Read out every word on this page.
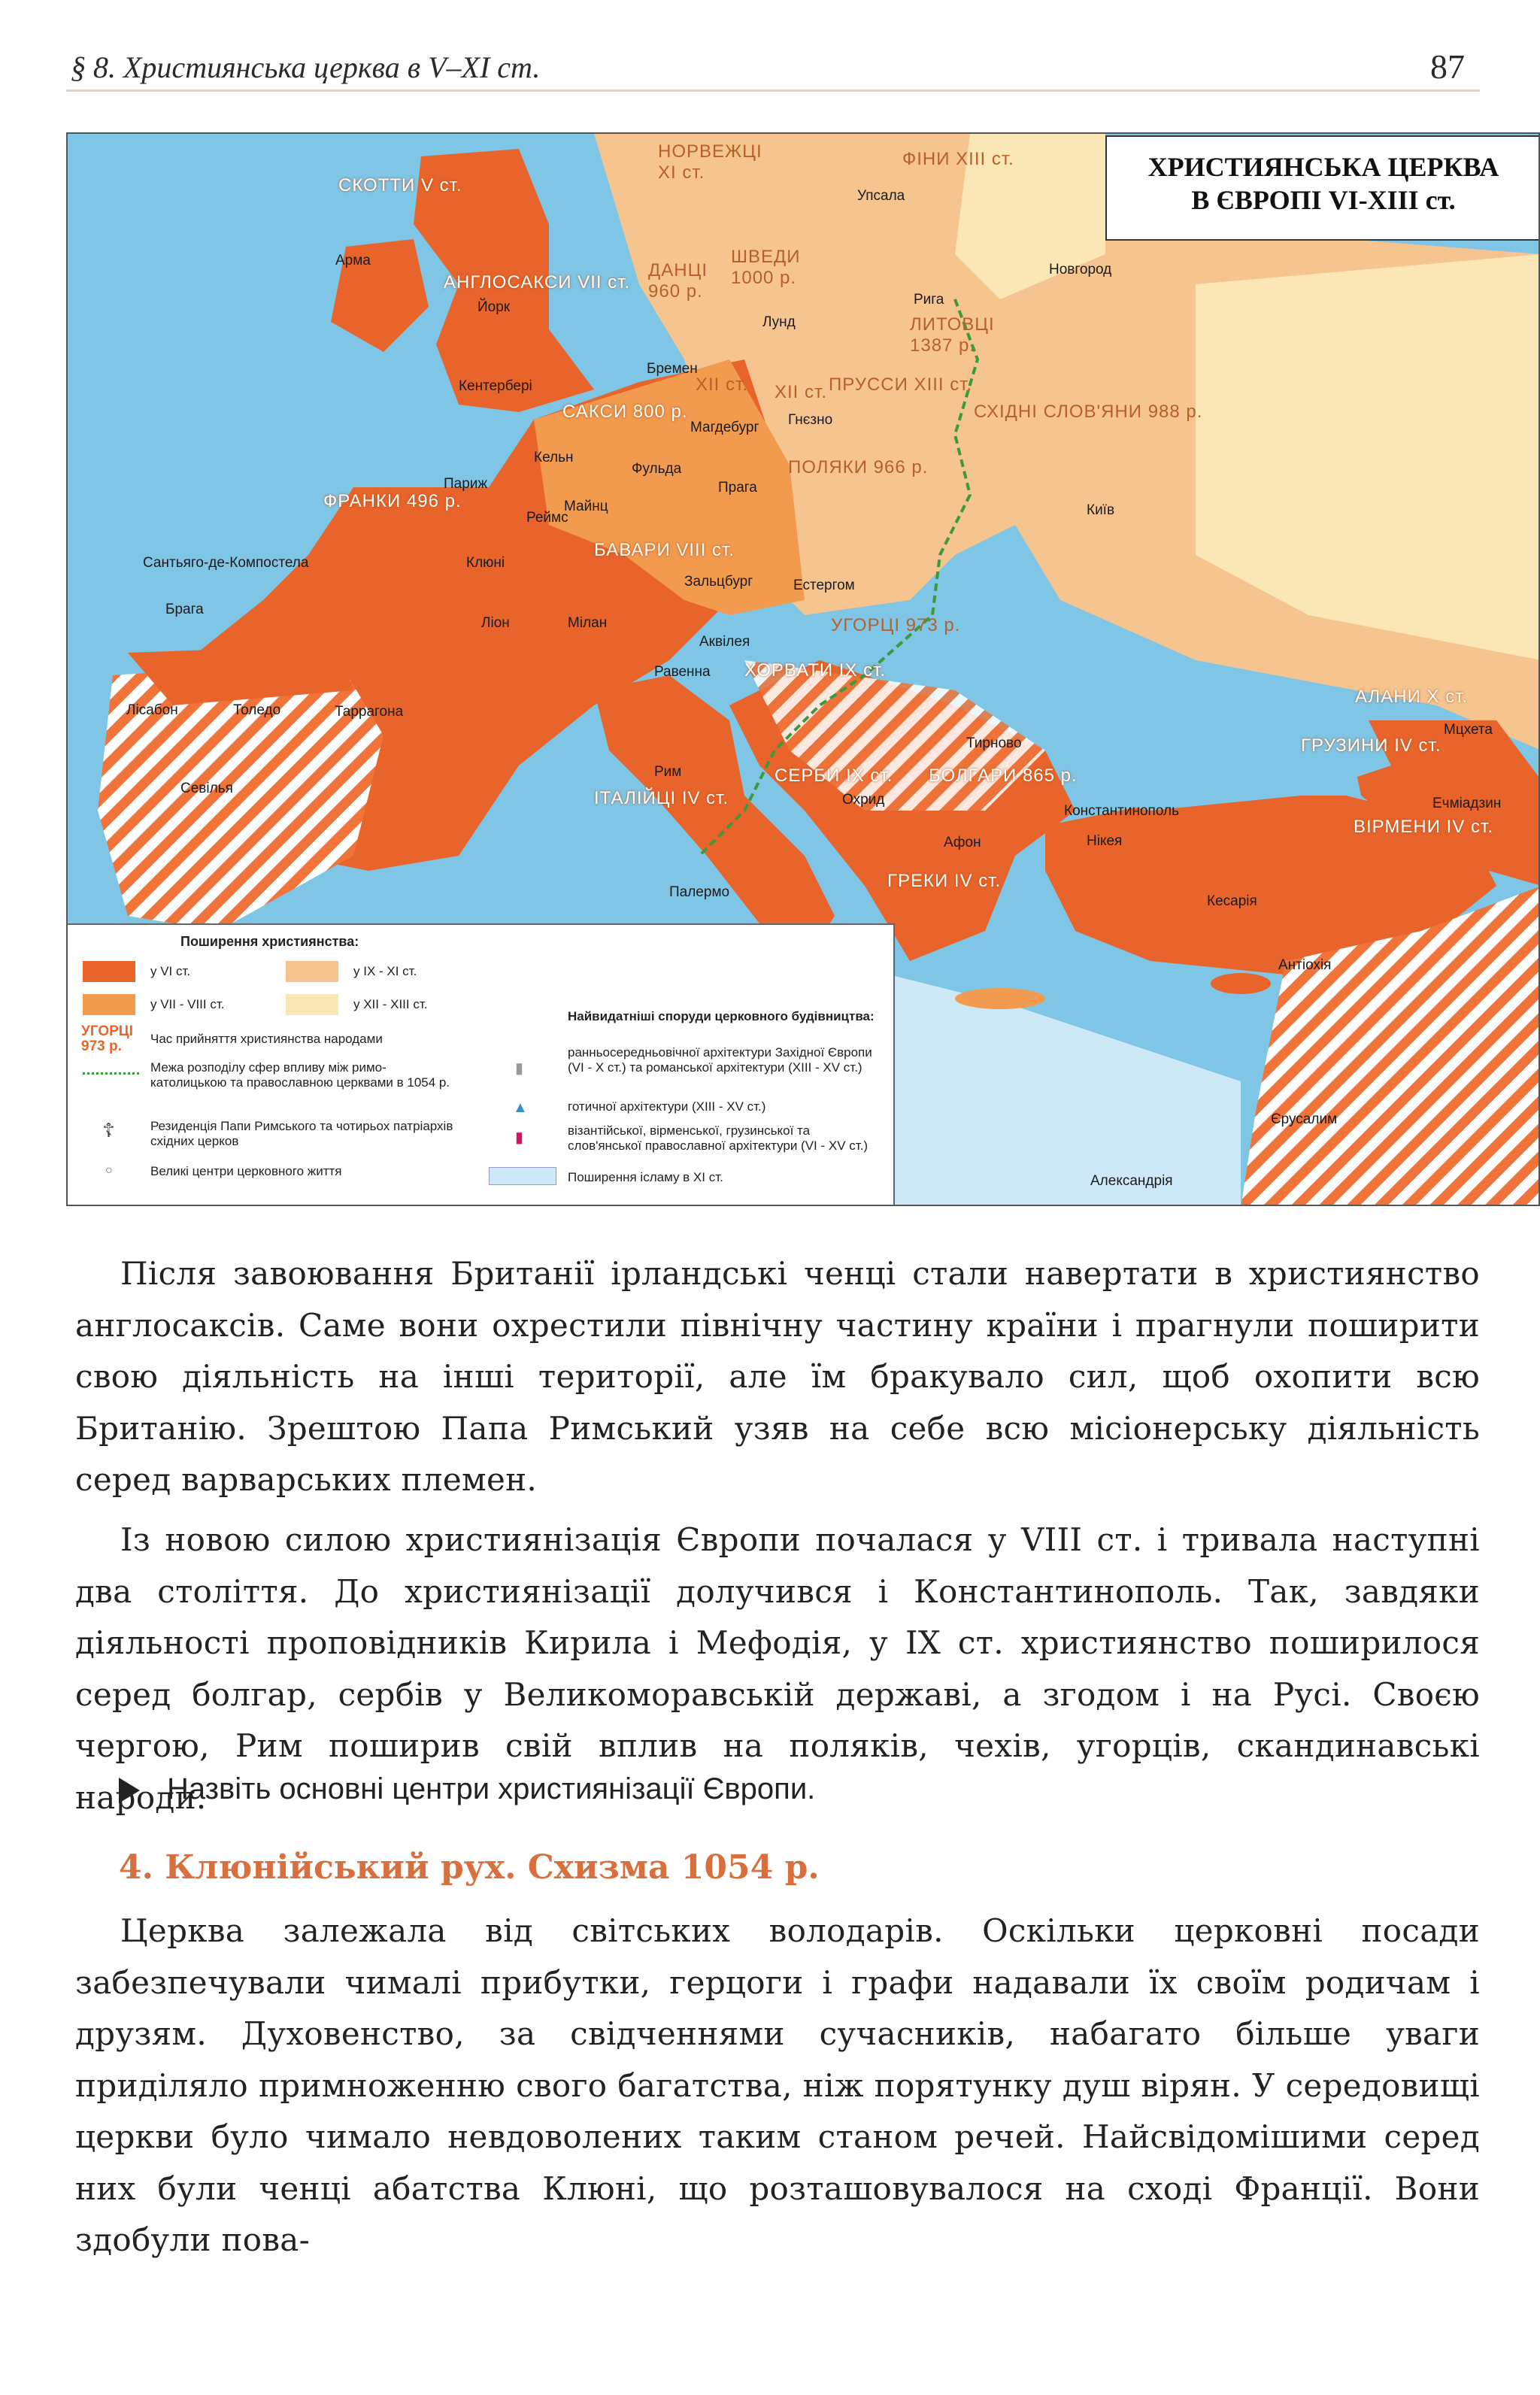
§ 8. Християнська церква в V–XI ст.	87
ХРИСТИЯНСЬКА ЦЕРКВА
В ЄВРОПІ VI-XIII ст.
СКОТТИ V ст.
НОРВЕЖЦІ XI ст.
ФІНИ XIII ст.
Упсала
Арма
АНГЛОСАКСИ VII ст.
ДАНЦІ 960 р.
ШВЕДИ 1000 р.
Йорк
Лунд
Рига
Новгород
ЛИТОВЦІ 1387 р.
Кентербері
Бремен
XII ст. XII ст. ПРУССИ XIII ст.
Гнєзно	СХІДНІ СЛОВ'ЯНИ 988 р.
САКСИ 800 р.
Магдебург
Київ
Кельн
Фульда	ПОЛЯКИ 966 р.
Париж
Майнц
Прага
ФРАНКИ 496 р.
Реймс
Сантьяго-де-Компостела	Клюні
БАВАРИ VIII ст.
Зальцбург	Естергом
Брага
Ліон	Мілан
Аквілея
УГОРЦІ 973 р.
Равенна ХОРВАТИ IX ст.
Лісабон	Толедо	Таррагона
АЛАНИ X ст.
Тирново
Мцхета
ГРУЗИНИ IV ст.
Севілья
Рим	СЕРБИ IX ст. БОЛГАРИ 865 р.
ІТАЛІЙЦІ IV ст.	Охрид
Константинополь	Ечміадзин
Нікея
Афон
ВІРМЕНИ IV ст.
ГРЕКИ IV ст.
Палермо
Кесарія
Антіохія
Єрусалим
Александрія
Поширення християнства:
у VI ст.	у IX - XI ст.
у VII - VIII ст.	у XII - XIII ст.
УГОРЦІ 973 р.	Час прийняття християнства народами
Межа розподілу сфер впливу між римо-католицькою та православною церквами в 1054 р.
☦	Резиденція Папи Римського та чотирьох патріархів східних церков
○	Великі центри церковного життя
Найвидатніші споруди церковного будівництва:
▮
ранньосередньовічної архітектури Західної Європи (VI - X ст.) та романської архітектури (XIII - XV ст.)
▲	готичної архітектури (XIII - XV ст.)
▮	візантійської, вірменської, грузинської та слов'янської православної архітектури (VI - XV ст.)
Поширення ісламу в XI ст.

Після завоювання Британії ірландські ченці стали навертати в християнство англосаксів. Саме вони охрестили північну частину країни і прагнули поширити свою діяльність на інші території, але їм бракувало сил, щоб охопити всю Британію. Зрештою Папа Римський узяв на себе всю місіонерську діяльність серед варварських племен.

Із новою силою християнізація Європи почалася у VIII ст. і тривала наступні два століття. До християнізації долучився і Константинополь. Так, завдяки діяльності проповідників Кирила і Мефодія, у IX ст. християнство поширилося серед болгар, сербів у Великоморавській державі, а згодом і на Русі. Своєю чергою, Рим поширив свій вплив на поляків, чехів, угорців, скандинавські народи.

Назвіть основні центри християнізації Європи.
4. Клюнійський рух. Схизма 1054 р.

Церква залежала від світських володарів. Оскільки церковні посади забезпечували чималі прибутки, герцоги і графи надавали їх своїм родичам і друзям. Духовенство, за свідченнями сучасників, набагато більше уваги приділяло примноженню свого багатства, ніж порятунку душ вірян. У середовищі церкви було чимало невдоволених таким станом речей. Найсвідомішими серед них були ченці абатства Клюні, що розташовувалося на сході Франції. Вони здобули пова-
